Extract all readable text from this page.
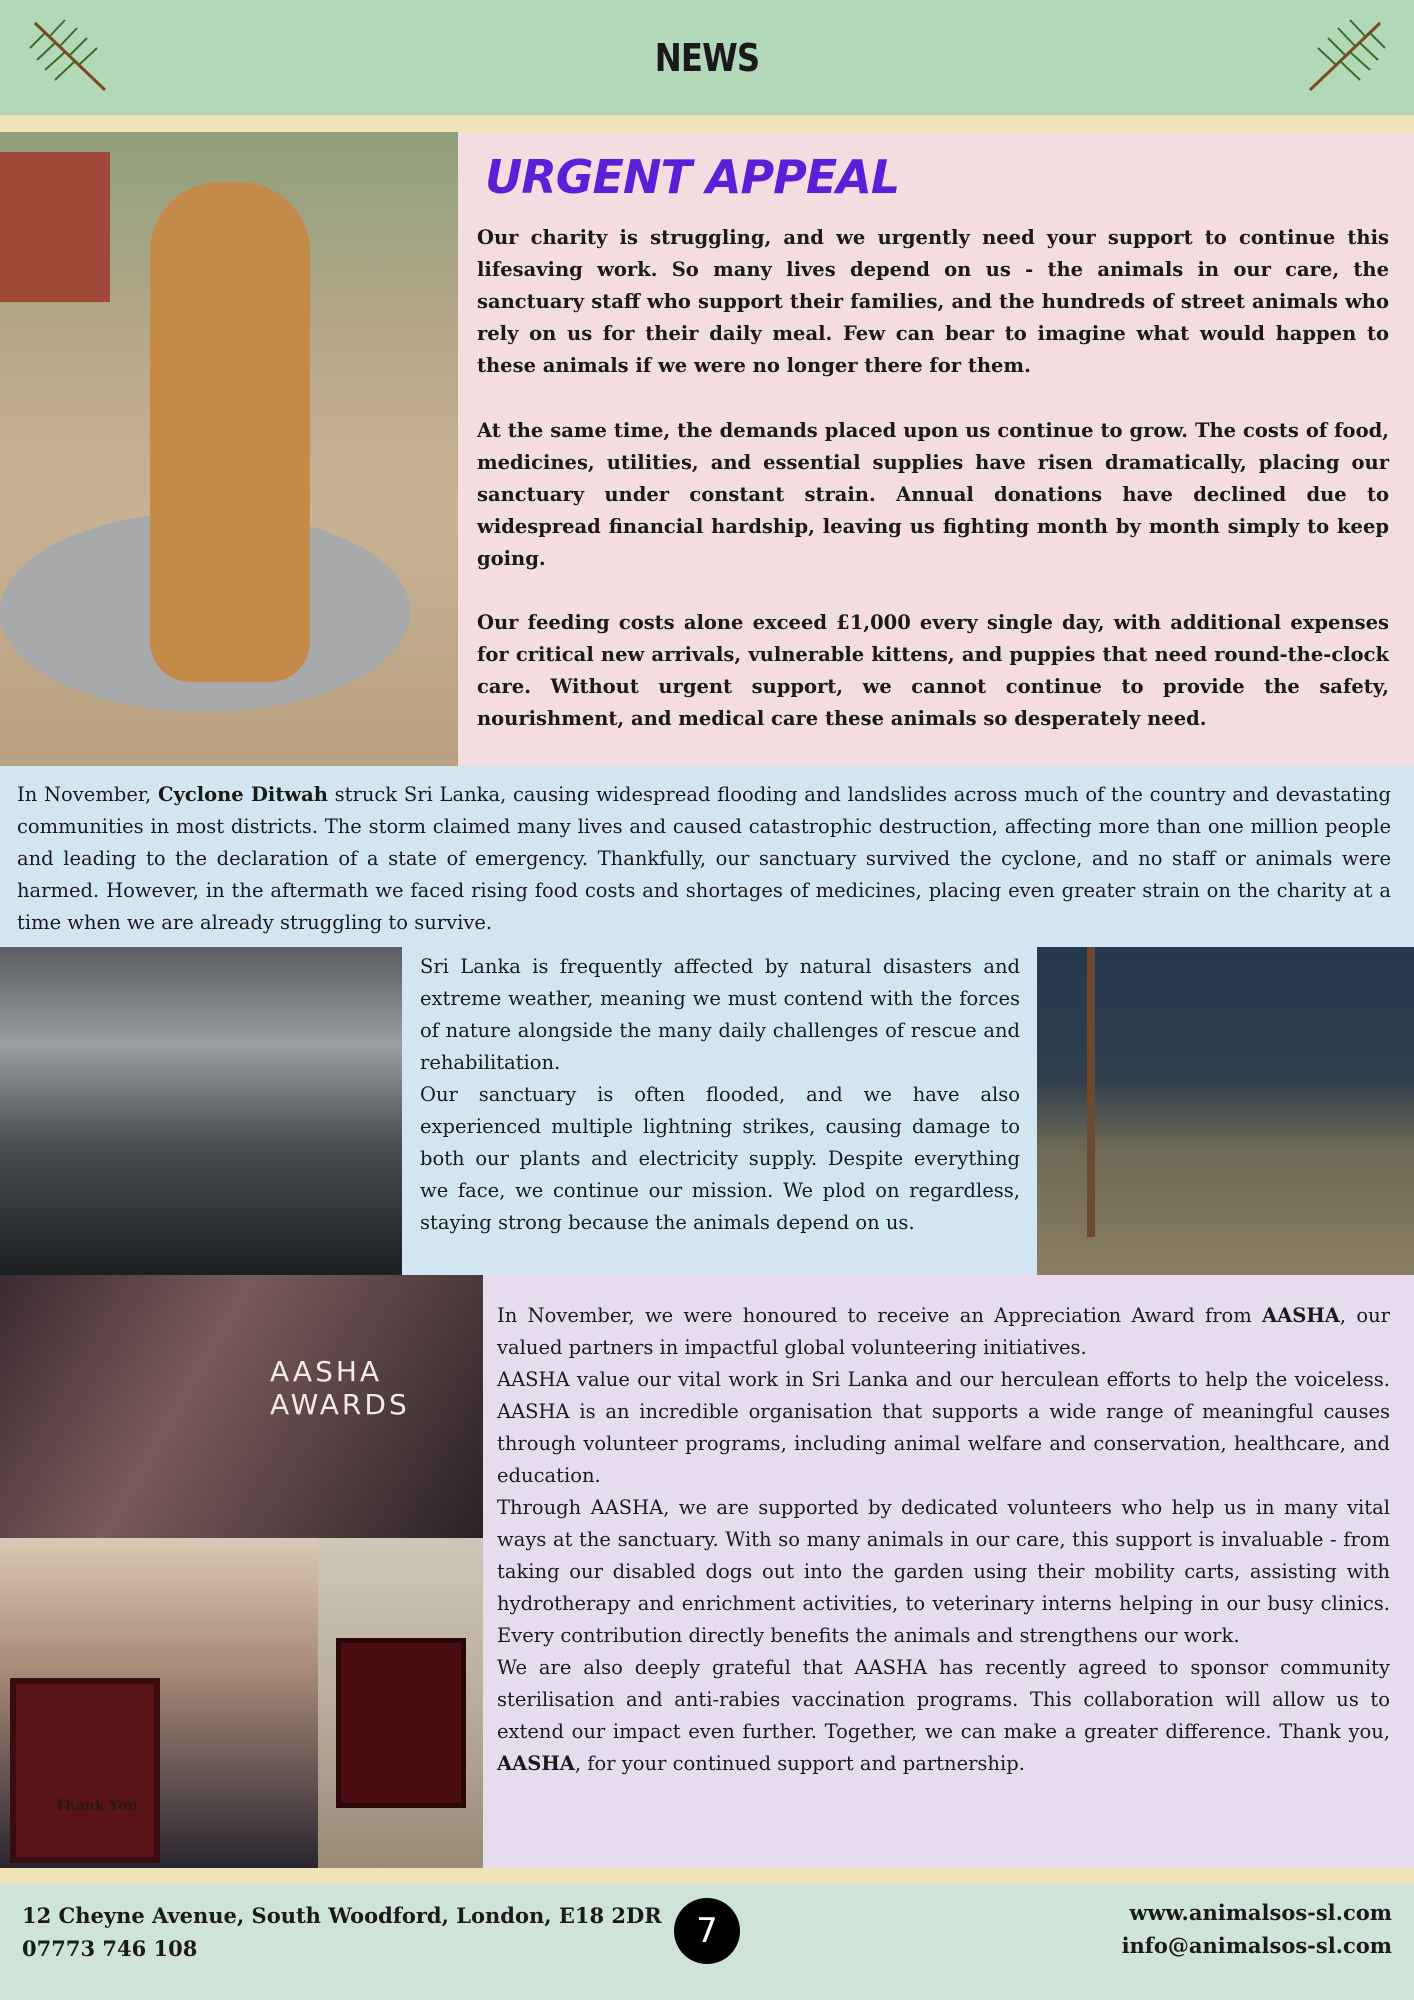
NEWS
URGENT APPEAL

Our charity is struggling, and we urgently need your support to continue this lifesaving work. So many lives depend on us - the animals in our care, the sanctuary staff who support their families, and the hundreds of street animals who rely on us for their daily meal. Few can bear to imagine what would happen to these animals if we were no longer there for them.

At the same time, the demands placed upon us continue to grow. The costs of food, medicines, utilities, and essential supplies have risen dramatically, placing our sanctuary under constant strain. Annual donations have declined due to widespread financial hardship, leaving us fighting month by month simply to keep going.

Our feeding costs alone exceed £1,000 every single day, with additional expenses for critical new arrivals, vulnerable kittens, and puppies that need round-the-clock care. Without urgent support, we cannot continue to provide the safety, nourishment, and medical care these animals so desperately need.

In November, Cyclone Ditwah struck Sri Lanka, causing widespread flooding and landslides across much of the country and devastating communities in most districts. The storm claimed many lives and caused catastrophic destruction, affecting more than one million people and leading to the declaration of a state of emergency. Thankfully, our sanctuary survived the cyclone, and no staff or animals were harmed. However, in the aftermath we faced rising food costs and shortages of medicines, placing even greater strain on the charity at a time when we are already struggling to survive.

Sri Lanka is frequently affected by natural disasters and extreme weather, meaning we must contend with the forces of nature alongside the many daily challenges of rescue and rehabilitation.

Our sanctuary is often flooded, and we have also experienced multiple lightning strikes, causing damage to both our plants and electricity supply. Despite everything we face, we continue our mission. We plod on regardless, staying strong because the animals depend on us.

AASHA AWARDS
Thank You

In November, we were honoured to receive an Appreciation Award from AASHA, our valued partners in impactful global volunteering initiatives.

AASHA value our vital work in Sri Lanka and our herculean efforts to help the voiceless. AASHA is an incredible organisation that supports a wide range of meaningful causes through volunteer programs, including animal welfare and conservation, healthcare, and education.

Through AASHA, we are supported by dedicated volunteers who help us in many vital ways at the sanctuary. With so many animals in our care, this support is invaluable - from taking our disabled dogs out into the garden using their mobility carts, assisting with hydrotherapy and enrichment activities, to veterinary interns helping in our busy clinics. Every contribution directly benefits the animals and strengthens our work.

We are also deeply grateful that AASHA has recently agreed to sponsor community sterilisation and anti-rabies vaccination programs. This collaboration will allow us to extend our impact even further. Together, we can make a greater difference. Thank you, AASHA, for your continued support and partnership.

12 Cheyne Avenue, South Woodford, London, E18 2DR
07773 746 108	7	www.animalsos-sl.com
info@animalsos-sl.com
